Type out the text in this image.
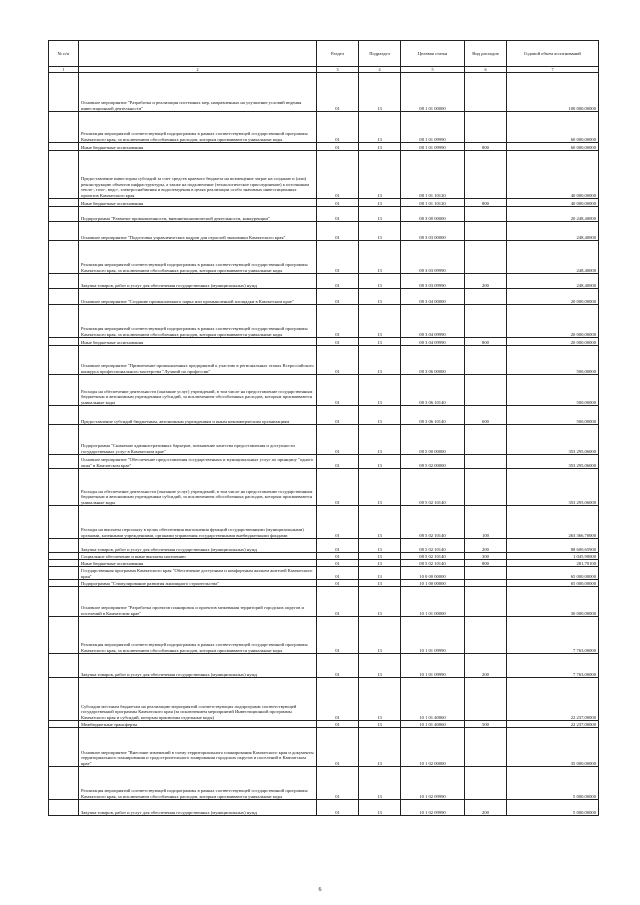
№ п/п		Раздел	Подраздел	Целевая статья	Вид расходов	Годовой объем ассигнований
1	2	3	4	5	6	7
	Основное мероприятие "Разработка и реализация системных мер, направленных на улучшение условий ведения инвестиционной деятельности"	01	13	08 1 01 00000		100 000,00000
	Реализация мероприятий соответствующей подпрограммы в рамках соответствующей государственной программы Камчатского края, за исключением обособленных расходов, которым присваиваются уникальные коды	01	13	08 1 01 09990		60 000,00000
	Иные бюджетные ассигнования	01	13	08 1 01 09990	800	60 000,00000
	Предоставление инвесторам субсидий за счет средств краевого бюджета на возмещение затрат на создание и (или) реконструкцию объектов инфраструктуры, а также на подключение (технологическое присоединение) к источникам тепло-, газо-, водо-, электроснабжения и водоотведения в целях реализации особо значимых инвестиционных проектов Камчатского края	01	13	08 1 01 10120		40 000,00000
	Иные бюджетные ассигнования	01	13	08 1 01 10120	800	40 000,00000
	Подпрограмма "Развитие промышленности, внешнеэкономической деятельности, конкуренции"	01	13	08 3 00 00000		20 248,40000
	Основное мероприятие "Подготовка управленческих кадров для отраслей экономики Камчатского края"	01	13	08 3 03 00000		248,40000
	Реализация мероприятий соответствующей подпрограммы в рамках соответствующей государственной программы Камчатского края, за исключением обособленных расходов, которым присваиваются уникальные коды	01	13	08 3 03 09990		248,40000
	Закупка товаров, работ и услуг для обеспечения государственных (муниципальных) нужд	01	13	08 3 03 09990	200	248,40000
	Основное мероприятие "Создание промышленного парка или промышленной площадки в Камчатском крае"	01	13	08 3 04 00000		20 000,00000
	Реализация мероприятий соответствующей подпрограммы в рамках соответствующей государственной программы Камчатского края, за исключением обособленных расходов, которым присваиваются уникальные коды	01	13	08 3 04 09990		20 000,00000
	Иные бюджетные ассигнования	01	13	08 3 04 09990	800	20 000,00000
	Основное мероприятие "Привлечение промышленных предприятий к участию в региональных этапах Всероссийского конкурса профессионального мастерства "Лучший по профессии"	01	13	08 3 06 00000		500,00000
	Расходы на обеспечение деятельности (оказание услуг) учреждений, в том числе на предоставление государственным бюджетным и автономным учреждениям субсидий, за исключением обособленных расходов, которым присваиваются уникальные коды	01	13	08 3 06 10140		500,00000
	Предоставление субсидий бюджетным, автономным учреждениям и иным некоммерческим организациям	01	13	08 3 06 10140	600	500,00000
	Подпрограмма "Снижение административных барьеров, повышение качества предоставления и доступности государственных услуг в Камчатском крае"	01	13	08 5 00 00000		353 295,06000
	Основное мероприятие "Обеспечение предоставления государственных и муниципальных услуг по принципу "одного окна" в Камчатском крае"	01	13	08 5 02 00000		353 295,06000
	Расходы на обеспечение деятельности (оказание услуг) учреждений, в том числе на предоставление государственным бюджетным и автономным учреждениям субсидий, за исключением обособленных расходов, которым присваиваются уникальные коды	01	13	08 5 02 10140		353 295,06000
	Расходы на выплаты персоналу в целях обеспечения выполнения функций государственными (муниципальными) органами, казенными учреждениями, органами управления государственными внебюджетными фондами	01	13	08 5 02 10140	100	263 366,70000
	Закупка товаров, работ и услуг для обеспечения государственных (муниципальных) нужд	01	13	08 5 02 10140	200	88 600,65900
	Социальное обеспечение и иные выплаты населению	01	13	08 5 02 10140	300	1 045,90000
	Иные бюджетные ассигнования	01	13	08 5 02 10140	800	281,70100
	Государственная программа Камчатского края "Обеспечение доступным и комфортным жильем жителей Камчатского края"	01	13	10 0 00 00000		65 000,00000
	Подпрограмма "Стимулирование развития жилищного строительства"	01	13	10 1 00 00000		65 000,00000
	Основное мероприятие "Разработка проектов планировок и проектов межевания территорий городских округов и поселений в Камчатском крае"	01	13	10 1 01 00000		30 000,00000
	Реализация мероприятий соответствующей подпрограммы в рамках соответствующей государственной программы Камчатского края, за исключением обособленных расходов, которым присваиваются уникальные коды	01	13	10 1 01 09990		7 763,00000
	Закупка товаров, работ и услуг для обеспечения государственных (муниципальных) нужд	01	13	10 1 01 09990	200	7 763,00000
	Субсидии местным бюджетам на реализацию мероприятий соответствующих подпрограмм соответствующей государственной программы Камчатского края (за исключением мероприятий Инвестиционной программы Камчатского края и субсидий, которым присвоены отдельные коды)	01	13	10 1 01 40060		22 237,00000
	Межбюджетные трансферты	01	13	10 1 01 40060	500	22 237,00000
	Основное мероприятие "Внесение изменений в схему территориального планирования Камчатского края и документы территориального планирования и градостроительного зонирования городских округов и поселений в Камчатском крае"	01	13	10 1 02 00000		35 000,00000
	Реализация мероприятий соответствующей подпрограммы в рамках соответствующей государственной программы Камчатского края, за исключением обособленных расходов, которым присваиваются уникальные коды	01	13	10 1 02 09990		5 000,00000
	Закупка товаров, работ и услуг для обеспечения государственных (муниципальных) нужд	01	13	10 1 02 09990	200	5 000,00000
6
